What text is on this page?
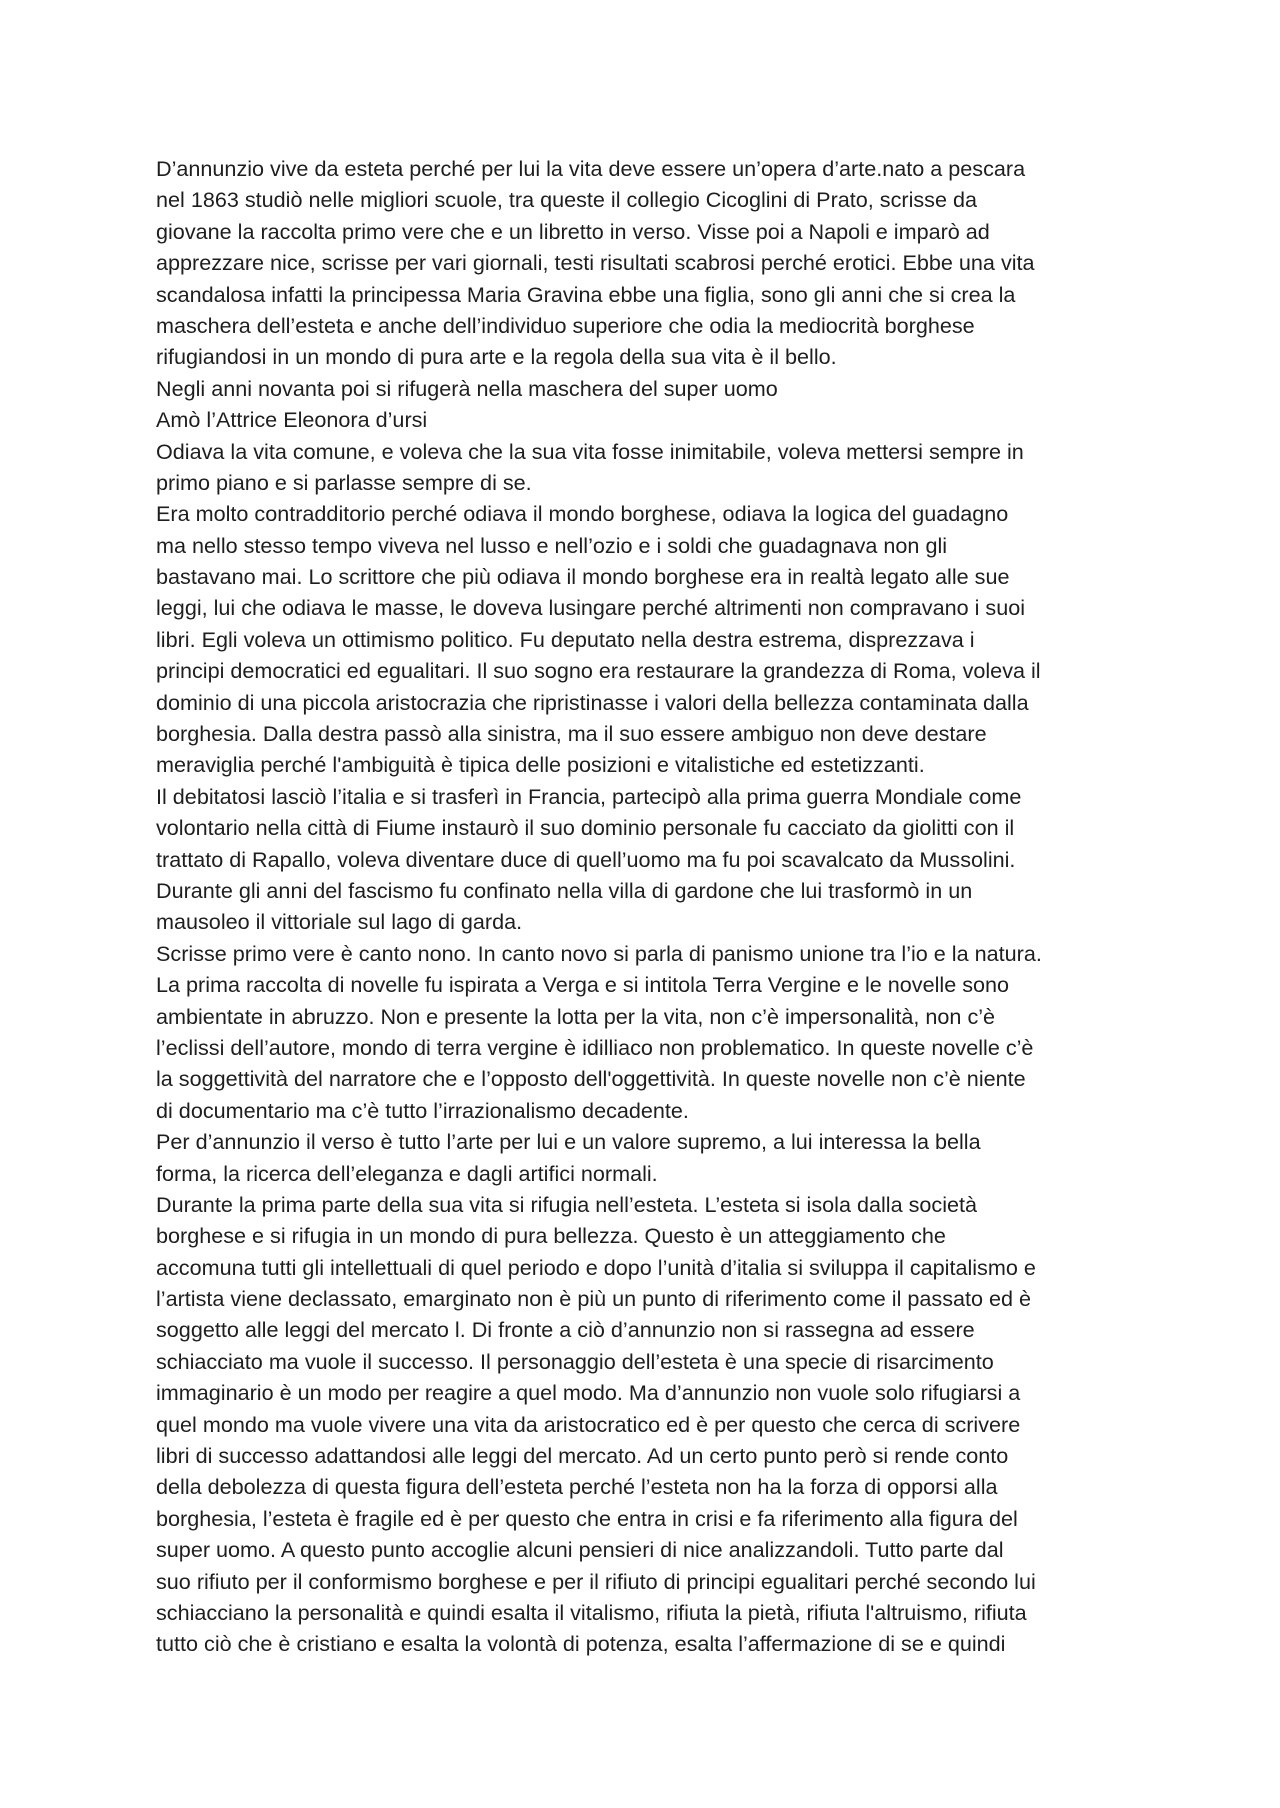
D’annunzio vive da esteta perché per lui la vita deve essere un’opera d’arte.nato a pescara
nel 1863 studiò nelle migliori scuole, tra queste il collegio Cicoglini di Prato, scrisse da
giovane la raccolta primo vere che e un libretto in verso. Visse poi a Napoli e imparò ad
apprezzare nice, scrisse per vari giornali, testi risultati scabrosi perché erotici. Ebbe una vita
scandalosa infatti la principessa Maria Gravina ebbe una figlia, sono gli anni che si crea la
maschera dell’esteta e anche dell’individuo superiore che odia la mediocrità borghese
rifugiandosi in un mondo di pura arte e la regola della sua vita è il bello.
Negli anni novanta poi si rifugerà nella maschera del super uomo
Amò l’Attrice Eleonora d’ursi
Odiava la vita comune, e voleva che la sua vita fosse inimitabile, voleva mettersi sempre in
primo piano e si parlasse sempre di se.
Era molto contradditorio perché odiava il mondo borghese, odiava la logica del guadagno
ma nello stesso tempo viveva nel lusso e nell’ozio e i soldi che guadagnava non gli
bastavano mai. Lo scrittore che più odiava il mondo borghese era in realtà legato alle sue
leggi, lui che odiava le masse, le doveva lusingare perché altrimenti non compravano i suoi
libri. Egli voleva un ottimismo politico. Fu deputato nella destra estrema, disprezzava i
principi democratici ed egualitari. Il suo sogno era restaurare la grandezza di Roma, voleva il
dominio di una piccola aristocrazia che ripristinasse i valori della bellezza contaminata dalla
borghesia. Dalla destra passò alla sinistra, ma il suo essere ambiguo non deve destare
meraviglia perché l'ambiguità è tipica delle posizioni e vitalistiche ed estetizzanti.
Il debitatosi lasciò l’italia e si trasferì in Francia, partecipò alla prima guerra Mondiale come
volontario nella città di Fiume instaurò il suo dominio personale fu cacciato da giolitti con il
trattato di Rapallo, voleva diventare duce di quell’uomo ma fu poi scavalcato da Mussolini.
Durante gli anni del fascismo fu confinato nella villa di gardone che lui trasformò in un
mausoleo il vittoriale sul lago di garda.
Scrisse primo vere è canto nono. In canto novo si parla di panismo unione tra l’io e la natura.
La prima raccolta di novelle fu ispirata a Verga e si intitola Terra Vergine e le novelle sono
ambientate in abruzzo. Non e presente la lotta per la vita, non c’è impersonalità, non c’è
l’eclissi dell’autore, mondo di terra vergine è idilliaco non problematico. In queste novelle c’è
la soggettività del narratore che e l’opposto dell'oggettività. In queste novelle non c’è niente
di documentario ma c’è tutto l’irrazionalismo decadente.
Per d’annunzio il verso è tutto l’arte per lui e un valore supremo, a lui interessa la bella
forma, la ricerca dell’eleganza e dagli artifici normali.
Durante la prima parte della sua vita si rifugia nell’esteta. L’esteta si isola dalla società
borghese e si rifugia in un mondo di pura bellezza. Questo è un atteggiamento che
accomuna tutti gli intellettuali di quel periodo e dopo l’unità d’italia si sviluppa il capitalismo e
l’artista viene declassato, emarginato non è più un punto di riferimento come il passato ed è
soggetto alle leggi del mercato l. Di fronte a ciò d’annunzio non si rassegna ad essere
schiacciato ma vuole il successo. Il personaggio dell’esteta è una specie di risarcimento
immaginario è un modo per reagire a quel modo. Ma d’annunzio non vuole solo rifugiarsi a
quel mondo ma vuole vivere una vita da aristocratico ed è per questo che cerca di scrivere
libri di successo adattandosi alle leggi del mercato. Ad un certo punto però si rende conto
della debolezza di questa figura dell’esteta perché l’esteta non ha la forza di opporsi alla
borghesia, l’esteta è fragile ed è per questo che entra in crisi e fa riferimento alla figura del
super uomo. A questo punto accoglie alcuni pensieri di nice analizzandoli. Tutto parte dal
suo rifiuto per il conformismo borghese e per il rifiuto di principi egualitari perché secondo lui
schiacciano la personalità e quindi esalta il vitalismo, rifiuta la pietà, rifiuta l'altruismo, rifiuta
tutto ciò che è cristiano e esalta la volontà di potenza, esalta l’affermazione di se e quindi
